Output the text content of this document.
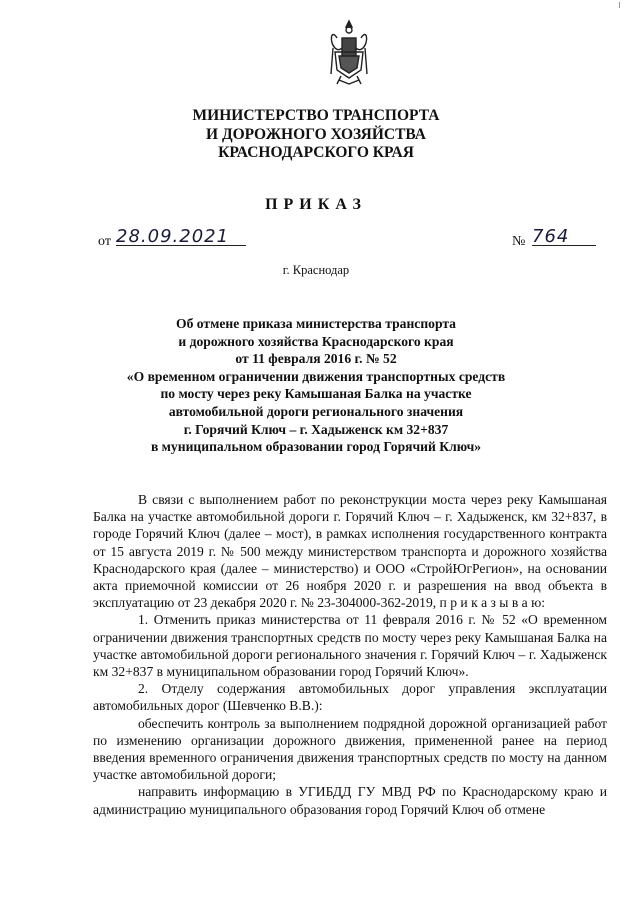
МИНИСТЕРСТВО ТРАНСПОРТА
И ДОРОЖНОГО ХОЗЯЙСТВА
КРАСНОДАРСКОГО КРАЯ
ПРИКАЗ
от 28.09.2021	№ 764
г. Краснодар
Об отмене приказа министерства транспорта
и дорожного хозяйства Краснодарского края
от 11 февраля 2016 г. № 52
«О временном ограничении движения транспортных средств
по мосту через реку Камышаная Балка на участке
автомобильной дороги регионального значения
г. Горячий Ключ – г. Хадыженск км 32+837
в муниципальном образовании город Горячий Ключ»

В связи с выполнением работ по реконструкции моста через реку Камышаная Балка на участке автомобильной дороги г. Горячий Ключ – г. Хадыженск, км 32+837, в городе Горячий Ключ (далее – мост), в рамках исполнения государственного контракта от 15 августа 2019 г. № 500 между министерством транспорта и дорожного хозяйства Краснодарского края (далее – министерство) и ООО «СтройЮгРегион», на основании акта приемочной комиссии от 26 ноября 2020 г. и разрешения на ввод объекта в эксплуатацию от 23 декабря 2020 г. № 23-304000-362-2019, п р и к а з ы в а ю:

1. Отменить приказ министерства от 11 февраля 2016 г. № 52 «О временном ограничении движения транспортных средств по мосту через реку Камышаная Балка на участке автомобильной дороги регионального значения г. Горячий Ключ – г. Хадыженск км 32+837 в муниципальном образовании город Горячий Ключ».

2. Отделу содержания автомобильных дорог управления эксплуатации автомобильных дорог (Шевченко В.В.):

обеспечить контроль за выполнением подрядной дорожной организацией работ по изменению организации дорожного движения, примененной ранее на период введения временного ограничения движения транспортных средств по мосту на данном участке автомобильной дороги;

направить информацию в УГИБДД ГУ МВД РФ по Краснодарскому краю и администрацию муниципального образования город Горячий Ключ об отмене
